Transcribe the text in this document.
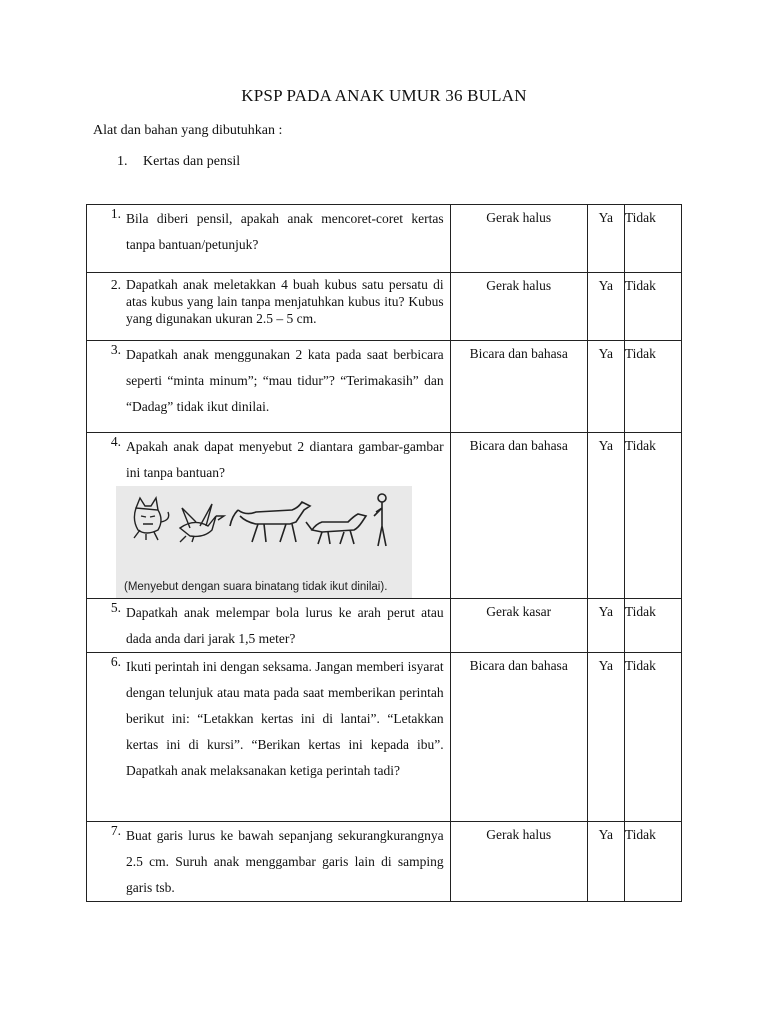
KPSP PADA ANAK UMUR 36 BULAN
Alat dan bahan yang dibutuhkan :
1. Kertas dan pensil
1. Bila diberi pensil, apakah anak mencoret-coret kertas tanpa bantuan/petunjuk?	Gerak halus	Ya	Tidak

2. Dapatkah anak meletakkan 4 buah kubus satu persatu di atas kubus yang lain tanpa menjatuhkan kubus itu? Kubus yang digunakan ukuran 2.5 – 5 cm.	Gerak halus	Ya	Tidak

3. Dapatkah anak menggunakan 2 kata pada saat berbicara seperti “minta minum”; “mau tidur”? “Terimakasih” dan “Dadag” tidak ikut dinilai.	Bicara dan bahasa	Ya	Tidak

4. Apakah anak dapat menyebut 2 diantara gambar-gambar ini tanpa bantuan?
(Menyebut dengan suara binatang tidak ikut dinilai).	Bicara dan bahasa	Ya	Tidak

5. Dapatkah anak melempar bola lurus ke arah perut atau dada anda dari jarak 1,5 meter?	Gerak kasar	Ya	Tidak

6. Ikuti perintah ini dengan seksama. Jangan memberi isyarat dengan telunjuk atau mata pada saat memberikan perintah berikut ini: “Letakkan kertas ini di lantai”. “Letakkan kertas ini di kursi”. “Berikan kertas ini kepada ibu”. Dapatkah anak melaksanakan ketiga perintah tadi?	Bicara dan bahasa	Ya	Tidak

7. Buat garis lurus ke bawah sepanjang sekurangkurangnya 2.5 cm. Suruh anak menggambar garis lain di samping garis tsb.	Gerak halus	Ya	Tidak
